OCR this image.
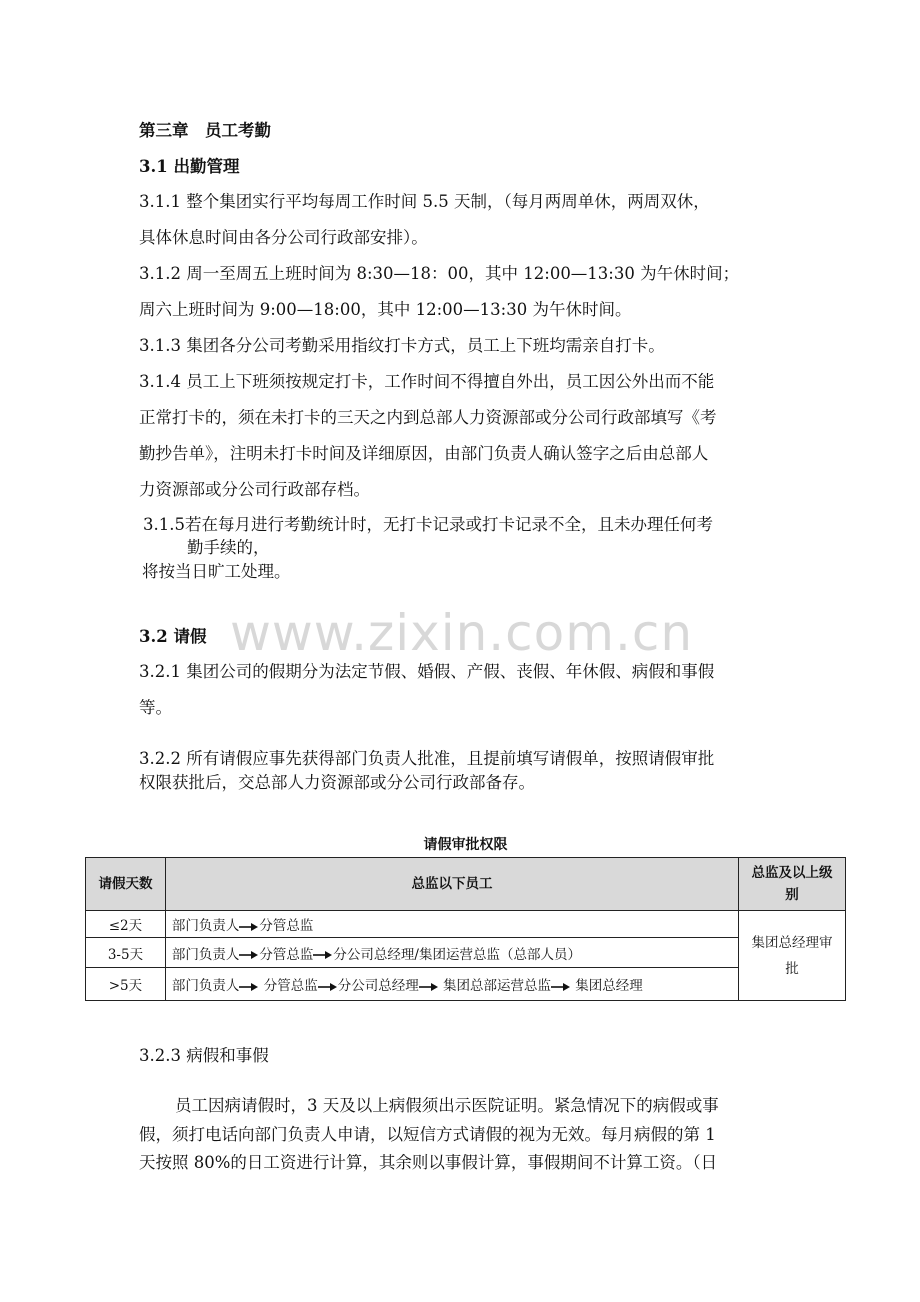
第三章　员工考勤
3.1 出勤管理
3.1.1 整个集团实行平均每周工作时间 5.5 天制，（每月两周单休，两周双休，
具体休息时间由各分公司行政部安排）。
3.1.2 周一至周五上班时间为 8:30—18：00，其中 12:00—13:30 为午休时间；
周六上班时间为 9:00—18:00，其中 12:00—13:30 为午休时间。
3.1.3 集团各分公司考勤采用指纹打卡方式，员工上下班均需亲自打卡。
3.1.4 员工上下班须按规定打卡，工作时间不得擅自外出，员工因公外出而不能
正常打卡的，须在未打卡的三天之内到总部人力资源部或分公司行政部填写《考
勤抄告单》，注明未打卡时间及详细原因，由部门负责人确认签字之后由总部人
力资源部或分公司行政部存档。
3.1.5若在每月进行考勤统计时，无打卡记录或打卡记录不全，且未办理任何考
勤手续的，
将按当日旷工处理。
www.zixin.com.cn
3.2 请假
3.2.1 集团公司的假期分为法定节假、婚假、产假、丧假、年休假、病假和事假
等。
3.2.2 所有请假应事先获得部门负责人批准，且提前填写请假单，按照请假审批
权限获批后，交总部人力资源部或分公司行政部备存。
请假审批权限
请假天数	总监以下员工	总监及以上级别
≤2天	部门负责人 分管总监	集团总经理审批
3-5天	部门负责人 分管总监 分公司总经理/集团运营总监（总部人员）	
>5天	部门负责人 分管总监 分公司总经理 集团总部运营总监 集团总经理	
3.2.3 病假和事假
员工因病请假时，3 天及以上病假须出示医院证明。紧急情况下的病假或事
假，须打电话向部门负责人申请，以短信方式请假的视为无效。每月病假的第 1
天按照 80%的日工资进行计算，其余则以事假计算，事假期间不计算工资。（日
